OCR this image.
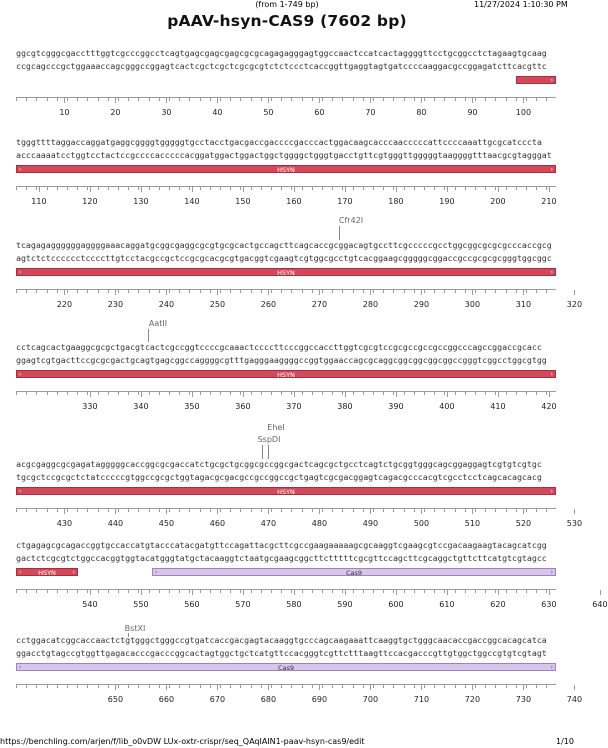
(from 1-749 bp)	11/27/2024 1:10:30 PM
pAAV-hsyn-CAS9 (7602 bp)
ggcgtcgggcgacctttggtcgcccggcctcagtgagcgagcgagcgcgcagagagggagtggccaactccatcactaggggttcctgcggcctctagaagtgcaag
ccgcagcccgctggaaaccagcgggccggagtcactcgctcgctcgcgcgtctctccctcaccggttgaggtagtgatccccaaggacgccggagatcttcacgttc
›
10	20	30	40	50	60	70	80	90	100
tgggttttaggaccaggatgaggcggggtgggggtgcctacctgacgaccgaccccgacccactggacaagcacccaacccccattccccaaattgcgcatcccta
acccaaaatcctggtcctactccgccccacccccacggatggactggactggctggggctgggtgacctgttcgtgggttgggggtaaggggtttaacgcgtagggat
›	HSYN	›
110	120	130	140	150	160	170	180	190	200	210
Cfr42I
tcagagaggggggaggggaaacaggatgcggcgaggcgcgtgcgcactgccagcttcagcaccgcggacagtgccttcgcccccgcctggcggcgcgcgcccaccgcg
agtctctcccccctccccttgtcctacgccgctccgcgcacgcgtgacggtcgaagtcgtggcgcctgtcacggaagcgggggcggaccgccgcgcgcgggtggcggc
›	HSYN	›
220	230	240	250	260	270	280	290	300	310	320
AatII
cctcagcactgaaggcgcgctgacgtcactcgccggtccccgcaaactccccttcccggccaccttggtcgcgtccgcgccgccgccggcccagccggaccgcacc
ggagtcgtgacttccgcgcgactgcagtgagcggccaggggcgtttgagggaaggggccggtggaaccagcgcaggcggcggcggcggccgggtcggcctggcgtgg
›	HSYN	›
330	340	350	360	370	380	390	400	410	420
EheI
SspDI
acgcgaggcgcgagatagggggcaccggcgcgaccatctgcgctgcggcgccggcgactcagcgctgcctcagtctgcggtgggcagcggaggagtcgtgtcgtgc
tgcgctccgcgctctatcccccgtggccgcgctggtagacgcgacgccgccggccgctgagtcgcgacggagtcagacgcccacgtcgcctcctcagcacagcacg
›	HSYN	›
430	440	450	460	470	480	490	500	510	520	530
ctgagagcgcagaccggtgccaccatgtacccatacgatgttccagattacgcttcgccgaagaaaaagcgcaaggtcgaagcgtccgacaagaagtacagcatcgg
gactctcgcgtctggccacggtggtacatgggtatgctacaaggtctaatgcgaagcggcttctttttcgcgttccagcttcgcaggctgttcttcatgtcgtagcc
›	HSYN	›	›	Cas9	›
540	550	560	570	580	590	600	610	620	630	640
BstXI
cctggacatcggcaccaactctgtgggctgggccgtgatcaccgacgagtacaaggtgcccagcaagaaattcaaggtgctgggcaacaccgaccggcacagcatca
ggacctgtagccgtggttgagacacccgacccggcactagtggctgctcatgttccacgggtcgttctttaagttccacgacccgttgtggctggccgtgtcgtagt
›	Cas9	›
650	660	670	680	690	700	710	720	730	740
https://benchling.com/arjen/f/lib_o0vDW LUx-oxtr-crispr/seq_QAqIAIN1-paav-hsyn-cas9/edit	1/10
